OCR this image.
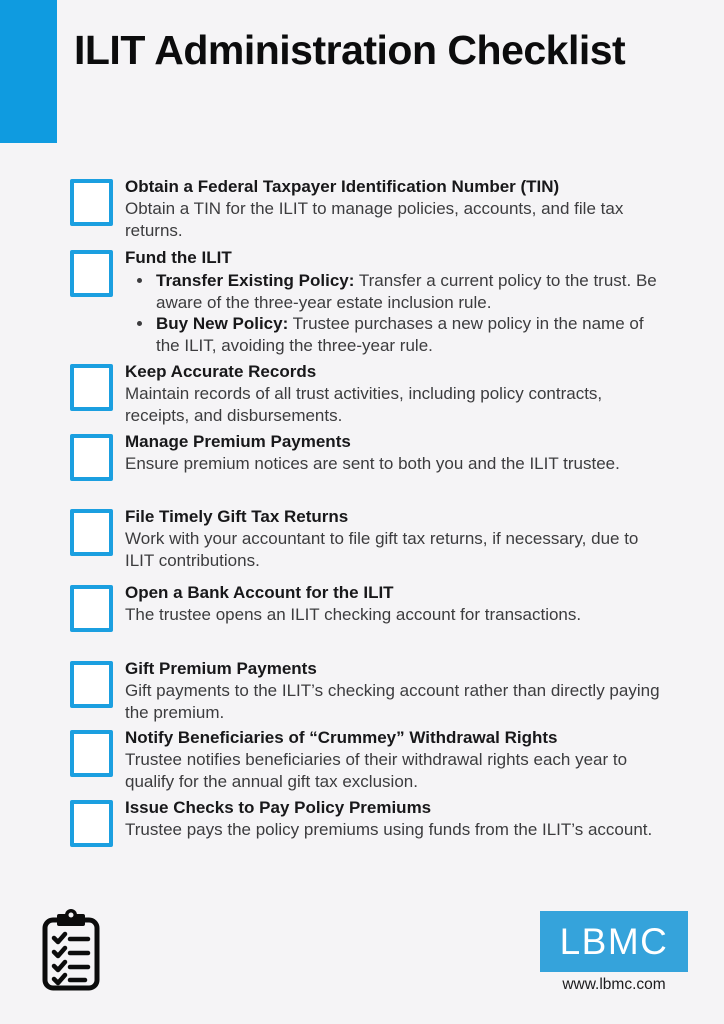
ILIT Administration Checklist
Obtain a Federal Taxpayer Identification Number (TIN)
Obtain a TIN for the ILIT to manage policies, accounts, and file tax returns.
Fund the ILIT
• Transfer Existing Policy: Transfer a current policy to the trust. Be aware of the three-year estate inclusion rule.
• Buy New Policy: Trustee purchases a new policy in the name of the ILIT, avoiding the three-year rule.
Keep Accurate Records
Maintain records of all trust activities, including policy contracts, receipts, and disbursements.
Manage Premium Payments
Ensure premium notices are sent to both you and the ILIT trustee.
File Timely Gift Tax Returns
Work with your accountant to file gift tax returns, if necessary, due to ILIT contributions.
Open a Bank Account for the ILIT
The trustee opens an ILIT checking account for transactions.
Gift Premium Payments
Gift payments to the ILIT’s checking account rather than directly paying the premium.
Notify Beneficiaries of “Crummey” Withdrawal Rights
Trustee notifies beneficiaries of their withdrawal rights each year to qualify for the annual gift tax exclusion.
Issue Checks to Pay Policy Premiums
Trustee pays the policy premiums using funds from the ILIT’s account.
LBMC
www.lbmc.com
